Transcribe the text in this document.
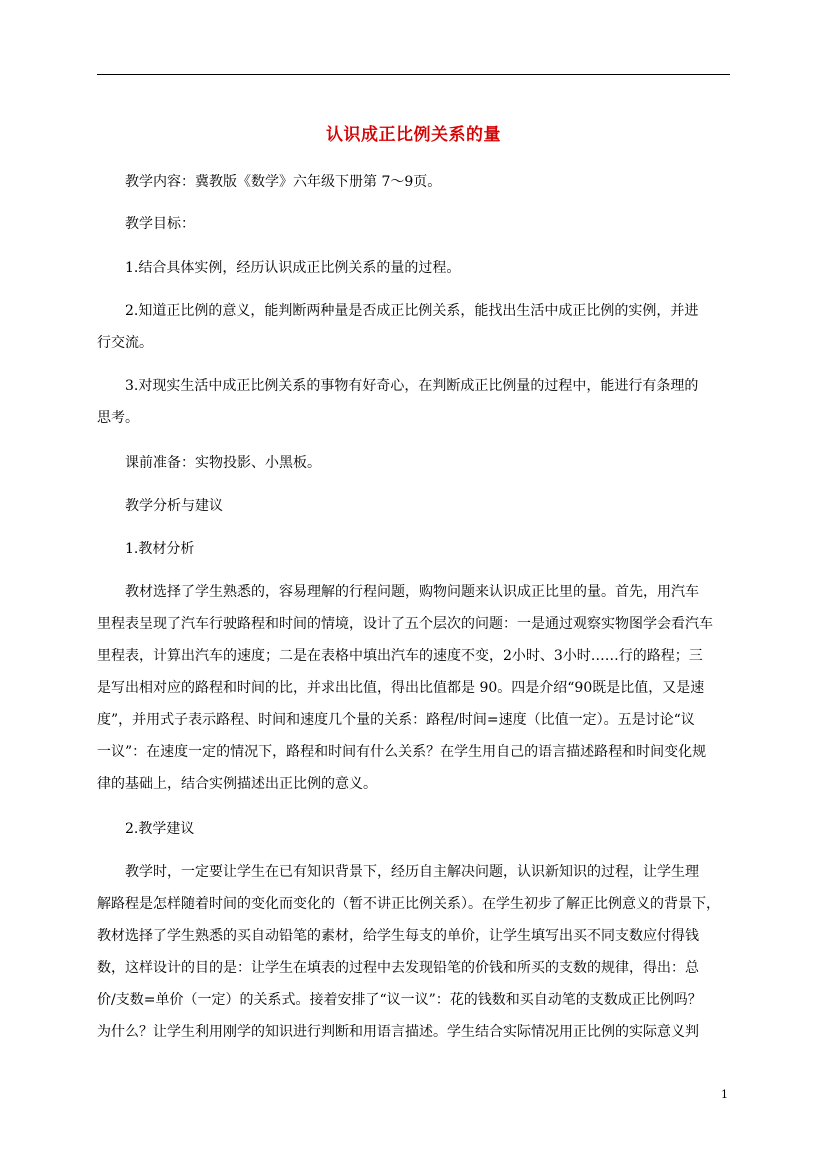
认识成正比例关系的量
教学内容：冀教版《数学》六年级下册第 7～9页。
教学目标：
1.结合具体实例，经历认识成正比例关系的量的过程。
2.知道正比例的意义，能判断两种量是否成正比例关系，能找出生活中成正比例的实例，并进
行交流。
3.对现实生活中成正比例关系的事物有好奇心，在判断成正比例量的过程中，能进行有条理的
思考。
课前准备：实物投影、小黑板。
教学分析与建议
1.教材分析
教材选择了学生熟悉的，容易理解的行程问题，购物问题来认识成正比里的量。首先，用汽车
里程表呈现了汽车行驶路程和时间的情境，设计了五个层次的问题：一是通过观察实物图学会看汽车
里程表，计算出汽车的速度；二是在表格中填出汽车的速度不变，2小时、3小时……行的路程；三
是写出相对应的路程和时间的比，并求出比值，得出比值都是 90。四是介绍“90既是比值，又是速
度”，并用式子表示路程、时间和速度几个量的关系：路程/时间=速度（比值一定）。五是讨论“议
一议”：在速度一定的情况下，路程和时间有什么关系？在学生用自己的语言描述路程和时间变化规
律的基础上，结合实例描述出正比例的意义。
2.教学建议
教学时，一定要让学生在已有知识背景下，经历自主解决问题，认识新知识的过程，让学生理
解路程是怎样随着时间的变化而变化的（暂不讲正比例关系）。在学生初步了解正比例意义的背景下，
教材选择了学生熟悉的买自动铅笔的素材，给学生每支的单价，让学生填写出买不同支数应付得钱
数，这样设计的目的是：让学生在填表的过程中去发现铅笔的价钱和所买的支数的规律，得出：总
价/支数=单价（一定）的关系式。接着安排了“议一议”：花的钱数和买自动笔的支数成正比例吗？
为什么？让学生利用刚学的知识进行判断和用语言描述。学生结合实际情况用正比例的实际意义判
1
